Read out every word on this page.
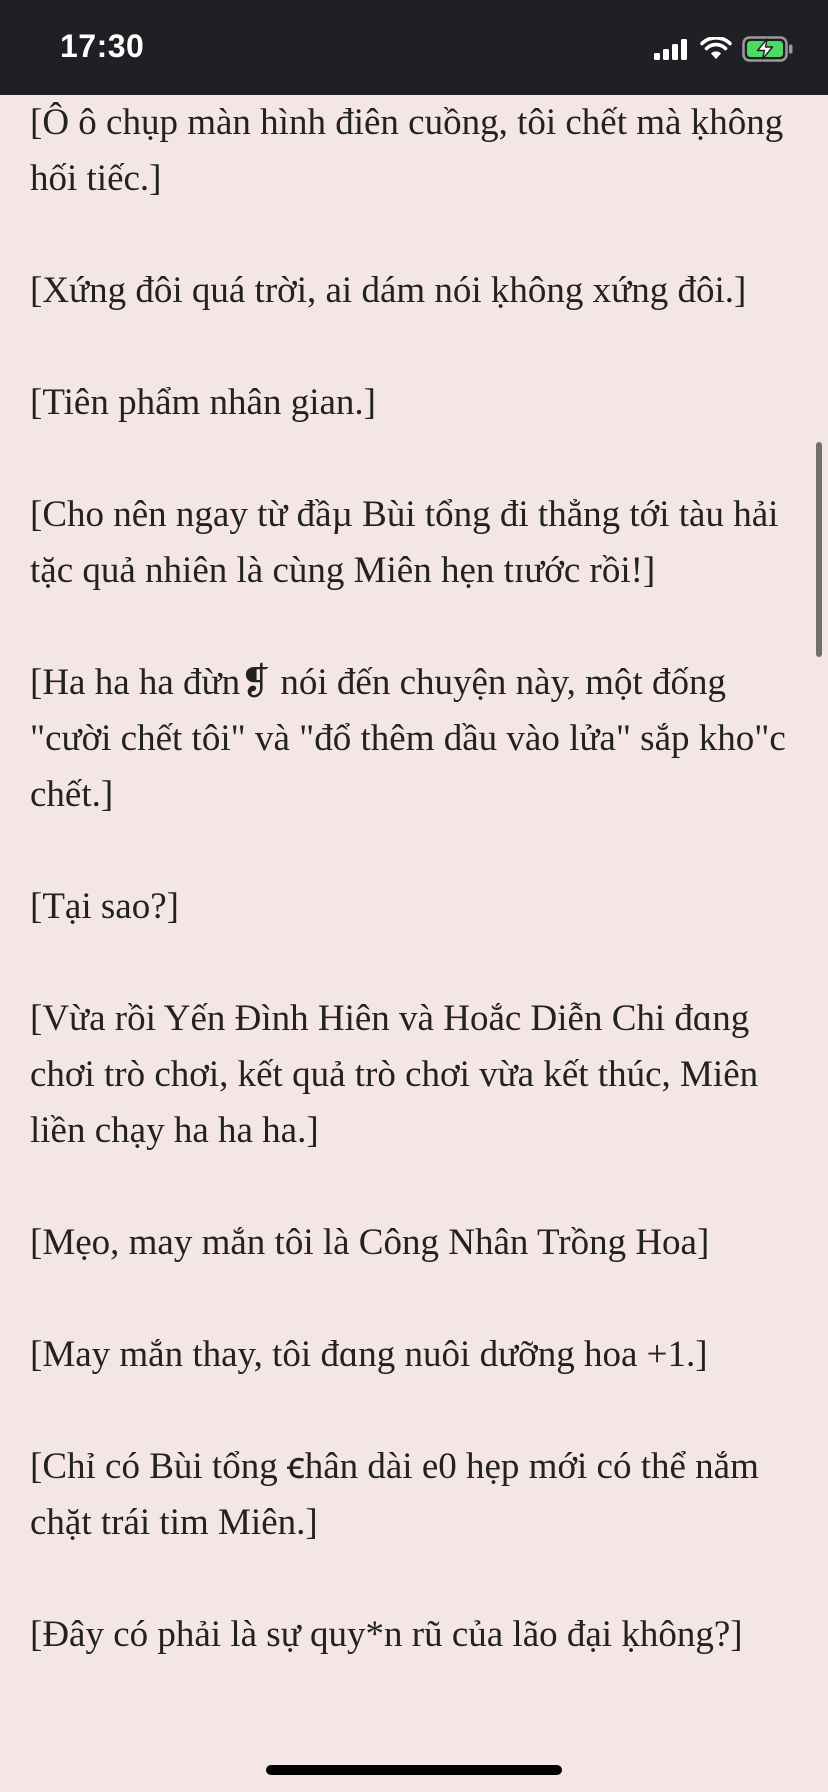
17:30

[Ô ô chụp màn hình điên cuồng, tôi chết mà ḳhông hối tiếc.]

[Xứng đôi quá trời, ai dám nói ḳhông xứng đôi.]

[Tiên phẩm nhân gian.]

[Cho nên ngay từ đầµ Bùi tổng đi thẳng tới tàu hải tặc quả nhiên là cùng Miên hẹn tɪước rồi!]

[Ha ha ha đừn❡ nói đến chuyện này, một đống "cười chết tôi" và "đổ thêm dầu vào lửa" sắp kho"c chết.]

[Tại sao?]

[Vừa rồi Yến Đình Hiên và Hoắc Diễn Chi đɑng chơi trò chơi, kết quả trò chơi vừa kết thúc, Miên liền chạy ha ha ha.]

[Mẹo, may mắn tôi là Công Nhân Trồng Hoa]

[May mắn thay, tôi đɑng nuôi dưỡng hoa +1.]

[Chỉ có Bùi tổng ꞓhân dài e0 hẹp mới có thể nắm chặt trái tim Miên.]

[Đây có phải là sự quy*n rũ của lão đại ḳhông?]
